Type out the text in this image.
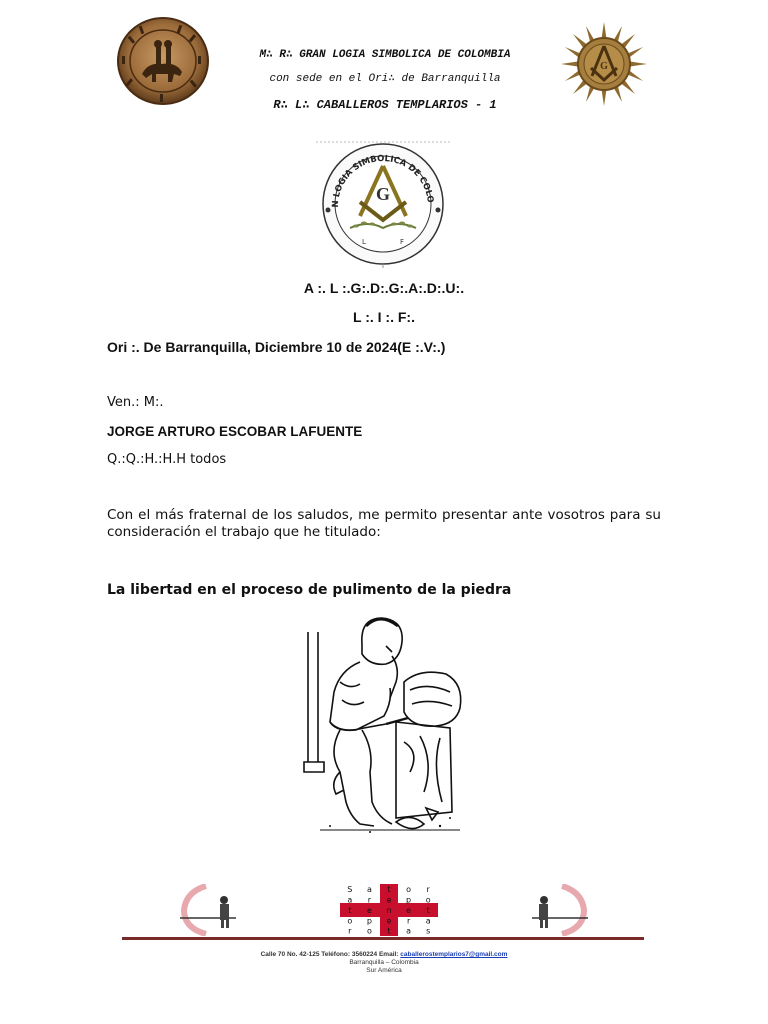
M∴ R∴ GRAN LOGIA SIMBOLICA DE COLOMBIA
con sede en el Ori∴ de Barranquilla
R∴ L∴ CABALLEROS TEMPLARIOS - 1
G
N LOGIA SIMBOLICA DE COLO
G
L	F
A :. L :.G:.D:.G:.A:.D:.U:.
L :. I :. F:.
Ori :. De Barranquilla, Diciembre 10 de 2024(E :.V:.)
Ven.: M:.
JORGE ARTURO ESCOBAR LAFUENTE
Q.:Q.:H.:H.H todos
Con el más fraternal de los saludos, me permito presentar ante vosotros para su consideración el trabajo que he titulado:
La libertad en el proceso de pulimento de la piedra
S a t o r
a r e p o
t e n e t
o p e r a
r o t a s
Calle 70 No. 42-125 Teléfono: 3560224 Email: caballerostemplarios7@gmail.com
Barranquilla – Colombia
Sur América
